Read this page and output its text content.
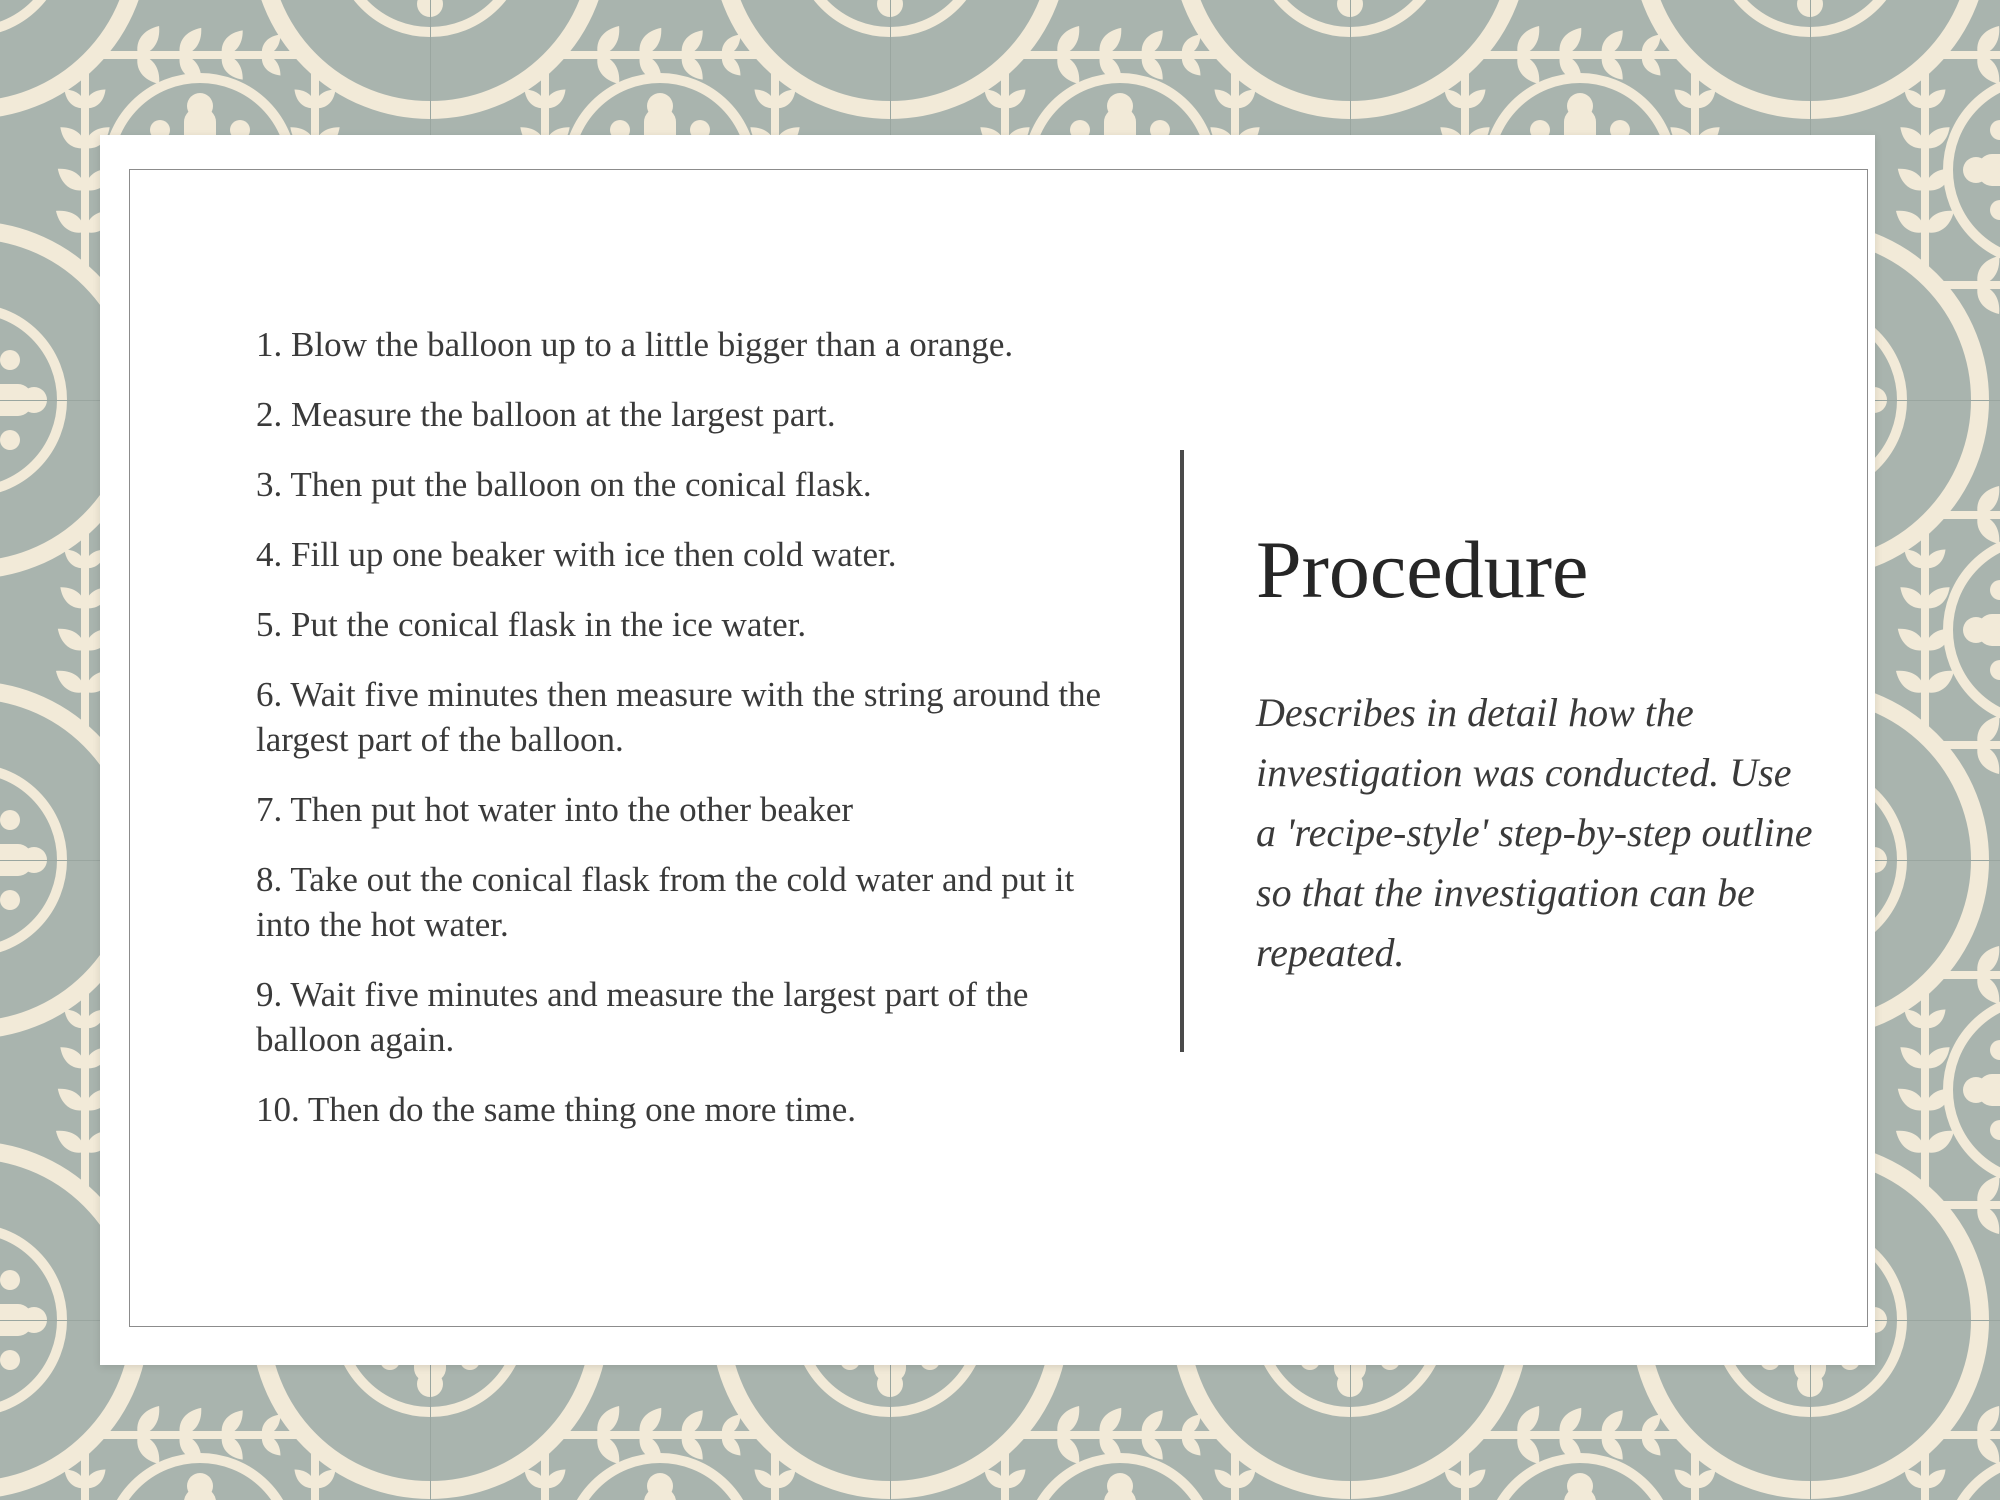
1. Blow the balloon up to a little bigger than a orange.
2. Measure the balloon at the largest part.
3. Then put the balloon on the conical flask.
4. Fill up one beaker with ice then cold water.
5. Put the conical flask in the ice water.
6. Wait five minutes then measure with the string around the largest part of the balloon.
7. Then put hot water into the other beaker
8. Take out the conical flask from the cold water and put it into the hot water.
9. Wait five minutes and measure the largest part of the balloon again.
10. Then do the same thing one more time.
Procedure

Describes in detail how the investigation was conducted. Use a 'recipe-style' step-by-step outline so that the investigation can be repeated.
